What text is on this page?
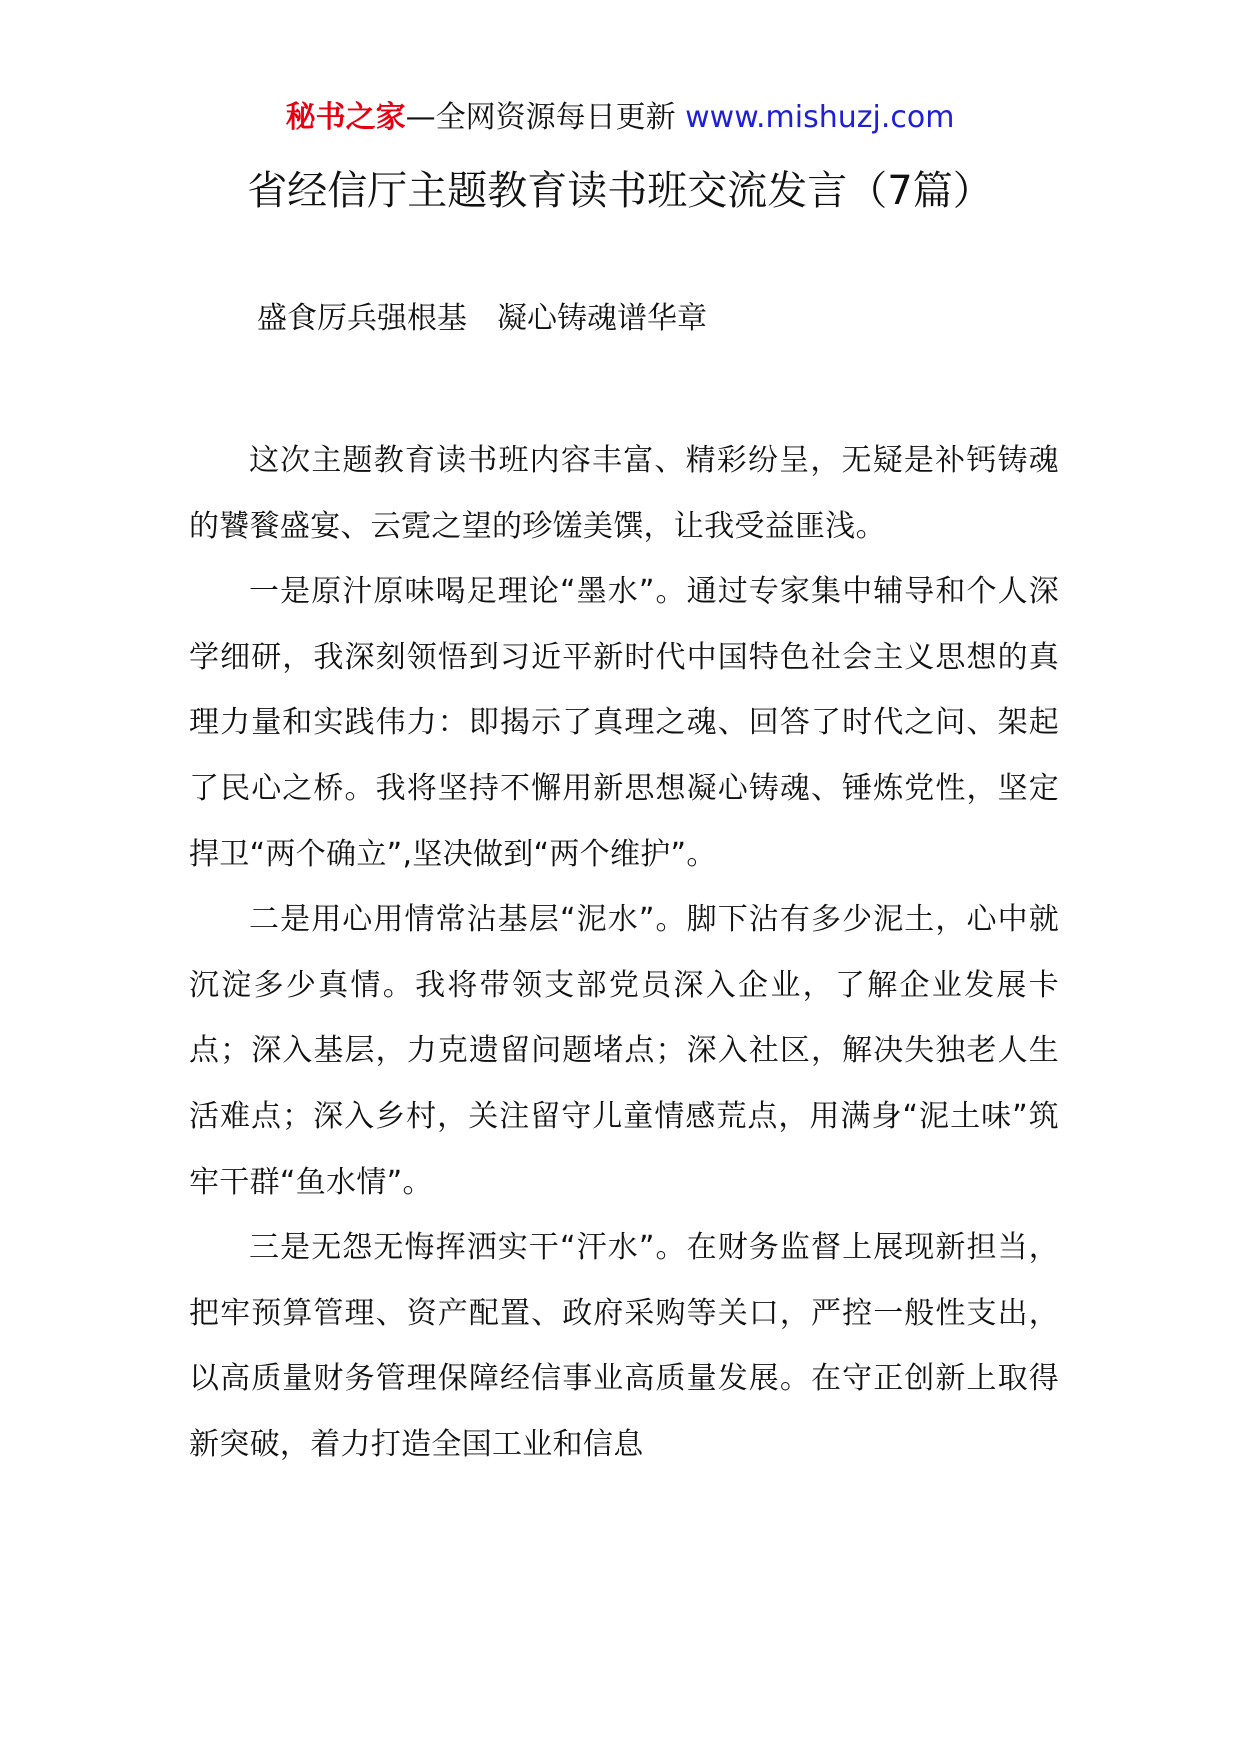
秘书之家—全网资源每日更新 www.mishuzj.com
省经信厅主题教育读书班交流发言（7篇）
盛食厉兵强根基　凝心铸魂谱华章

这次主题教育读书班内容丰富、精彩纷呈，无疑是补钙铸魂的饕餮盛宴、云霓之望的珍馐美馔，让我受益匪浅。

一是原汁原味喝足理论“墨水”。通过专家集中辅导和个人深学细研，我深刻领悟到习近平新时代中国特色社会主义思想的真理力量和实践伟力：即揭示了真理之魂、回答了时代之问、架起了民心之桥。我将坚持不懈用新思想凝心铸魂、锤炼党性，坚定捍卫“两个确立”,坚决做到“两个维护”。

二是用心用情常沾基层“泥水”。脚下沾有多少泥土，心中就沉淀多少真情。我将带领支部党员深入企业，了解企业发展卡点；深入基层，力克遗留问题堵点；深入社区，解决失独老人生活难点；深入乡村，关注留守儿童情感荒点，用满身“泥土味”筑牢干群“鱼水情”。

三是无怨无悔挥洒实干“汗水”。在财务监督上展现新担当，把牢预算管理、资产配置、政府采购等关口，严控一般性支出，以高质量财务管理保障经信事业高质量发展。在守正创新上取得新突破，着力打造全国工业和信息
